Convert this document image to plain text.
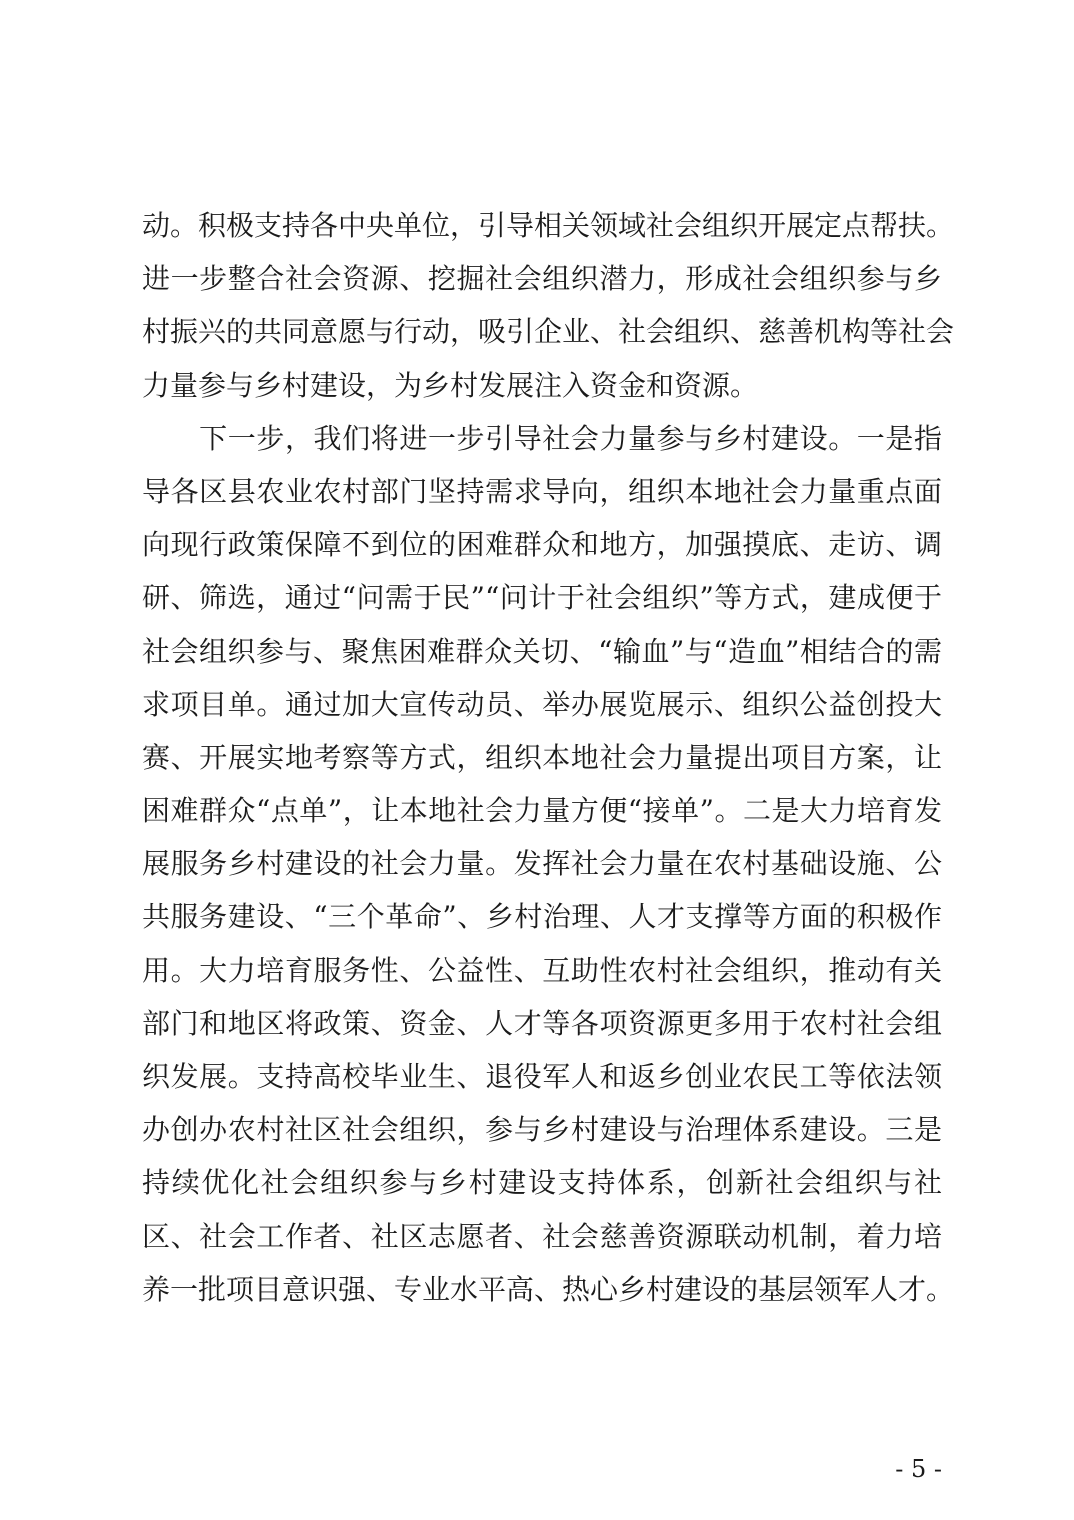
动。积极支持各中央单位，引导相关领域社会组织开展定点帮扶。
进一步整合社会资源、挖掘社会组织潜力，形成社会组织参与乡
村振兴的共同意愿与行动，吸引企业、社会组织、慈善机构等社会
力量参与乡村建设，为乡村发展注入资金和资源。
　　下一步，我们将进一步引导社会力量参与乡村建设。一是指
导各区县农业农村部门坚持需求导向，组织本地社会力量重点面
向现行政策保障不到位的困难群众和地方，加强摸底、走访、调
研、筛选，通过“问需于民”“问计于社会组织”等方式，建成便于
社会组织参与、聚焦困难群众关切、“输血”与“造血”相结合的需
求项目单。通过加大宣传动员、举办展览展示、组织公益创投大
赛、开展实地考察等方式，组织本地社会力量提出项目方案，让
困难群众“点单”，让本地社会力量方便“接单”。二是大力培育发
展服务乡村建设的社会力量。发挥社会力量在农村基础设施、公
共服务建设、“三个革命”、乡村治理、人才支撑等方面的积极作
用。大力培育服务性、公益性、互助性农村社会组织，推动有关
部门和地区将政策、资金、人才等各项资源更多用于农村社会组
织发展。支持高校毕业生、退役军人和返乡创业农民工等依法领
办创办农村社区社会组织，参与乡村建设与治理体系建设。三是
持续优化社会组织参与乡村建设支持体系，创新社会组织与社
区、社会工作者、社区志愿者、社会慈善资源联动机制，着力培
养一批项目意识强、专业水平高、热心乡村建设的基层领军人才。
- 5 -
